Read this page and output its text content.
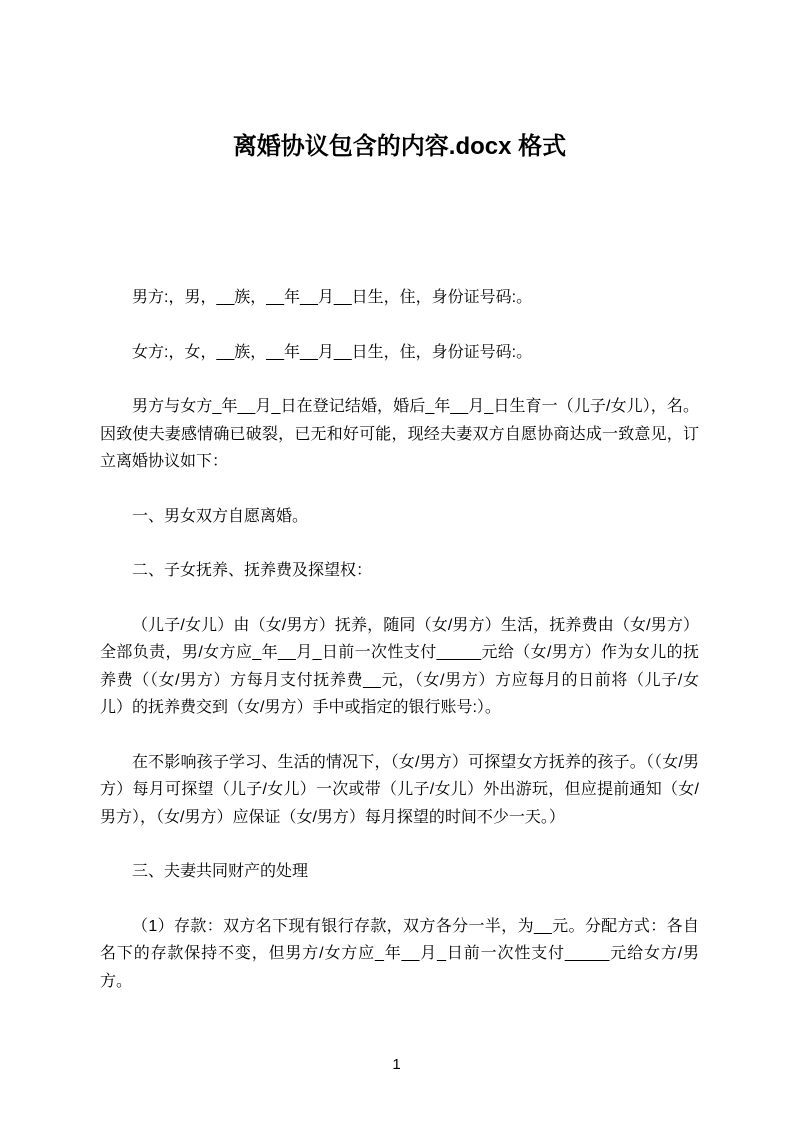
离婚协议包含的内容.docx 格式

男方:，男，__族，__年__月__日生，住，身份证号码:。

女方:，女，__族，__年__月__日生，住，身份证号码:。

男方与女方_年__月_日在登记结婚，婚后_年__月_日生育一（儿子/女儿），名。因致使夫妻感情确已破裂，已无和好可能，现经夫妻双方自愿协商达成一致意见，订立离婚协议如下：

一、男女双方自愿离婚。

二、子女抚养、抚养费及探望权：

（儿子/女儿）由（女/男方）抚养，随同（女/男方）生活，抚养费由（女/男方）全部负责，男/女方应_年__月_日前一次性支付_____元给（女/男方）作为女儿的抚养费（（女/男方）方每月支付抚养费__元，（女/男方）方应每月的日前将（儿子/女儿）的抚养费交到（女/男方）手中或指定的银行账号:）。

在不影响孩子学习、生活的情况下，（女/男方）可探望女方抚养的孩子。（（女/男方）每月可探望（儿子/女儿）一次或带（儿子/女儿）外出游玩，但应提前通知（女/男方），（女/男方）应保证（女/男方）每月探望的时间不少一天。）

三、夫妻共同财产的处理

（1）存款：双方名下现有银行存款，双方各分一半，为__元。分配方式：各自名下的存款保持不变，但男方/女方应_年__月_日前一次性支付_____元给女方/男方。

1
